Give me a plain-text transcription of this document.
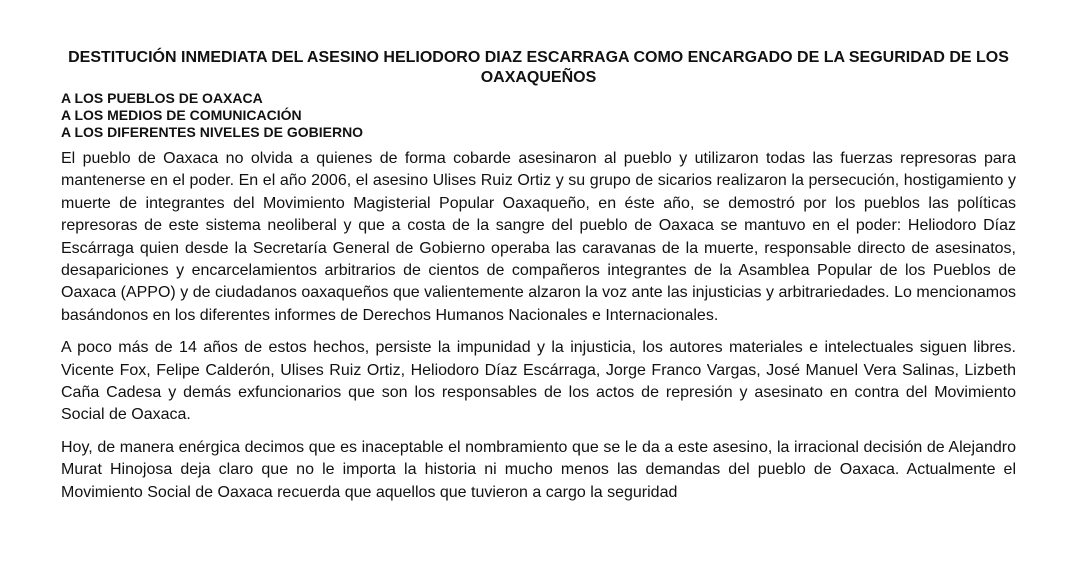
DESTITUCIÓN INMEDIATA DEL ASESINO HELIODORO DIAZ ESCARRAGA COMO ENCARGADO DE LA SEGURIDAD DE LOS OAXAQUEÑOS
A LOS PUEBLOS DE OAXACA
A LOS MEDIOS DE COMUNICACIÓN
A LOS DIFERENTES NIVELES DE GOBIERNO

El pueblo de Oaxaca no olvida a quienes de forma cobarde asesinaron al pueblo y utilizaron todas las fuerzas represoras para mantenerse en el poder. En el año 2006, el asesino Ulises Ruiz Ortiz y su grupo de sicarios realizaron la persecución, hostigamiento y muerte de integrantes del Movimiento Magisterial Popular Oaxaqueño, en éste año, se demostró por los pueblos las políticas represoras de este sistema neoliberal y que a costa de la sangre del pueblo de Oaxaca se mantuvo en el poder: Heliodoro Díaz Escárraga quien desde la Secretaría General de Gobierno operaba las caravanas de la muerte, responsable directo de asesinatos, desapariciones y encarcelamientos arbitrarios de cientos de compañeros integrantes de la Asamblea Popular de los Pueblos de Oaxaca (APPO) y de ciudadanos oaxaqueños que valientemente alzaron la voz ante las injusticias y arbitrariedades. Lo mencionamos basándonos en los diferentes informes de Derechos Humanos Nacionales e Internacionales.

A poco más de 14 años de estos hechos, persiste la impunidad y la injusticia, los autores materiales e intelectuales siguen libres. Vicente Fox, Felipe Calderón, Ulises Ruiz Ortiz, Heliodoro Díaz Escárraga, Jorge Franco Vargas, José Manuel Vera Salinas, Lizbeth Caña Cadesa y demás exfuncionarios que son los responsables de los actos de represión y asesinato en contra del Movimiento Social de Oaxaca.

Hoy, de manera enérgica decimos que es inaceptable el nombramiento que se le da a este asesino, la irracional decisión de Alejandro Murat Hinojosa deja claro que no le importa la historia ni mucho menos las demandas del pueblo de Oaxaca. Actualmente el Movimiento Social de Oaxaca recuerda que aquellos que tuvieron a cargo la seguridad
